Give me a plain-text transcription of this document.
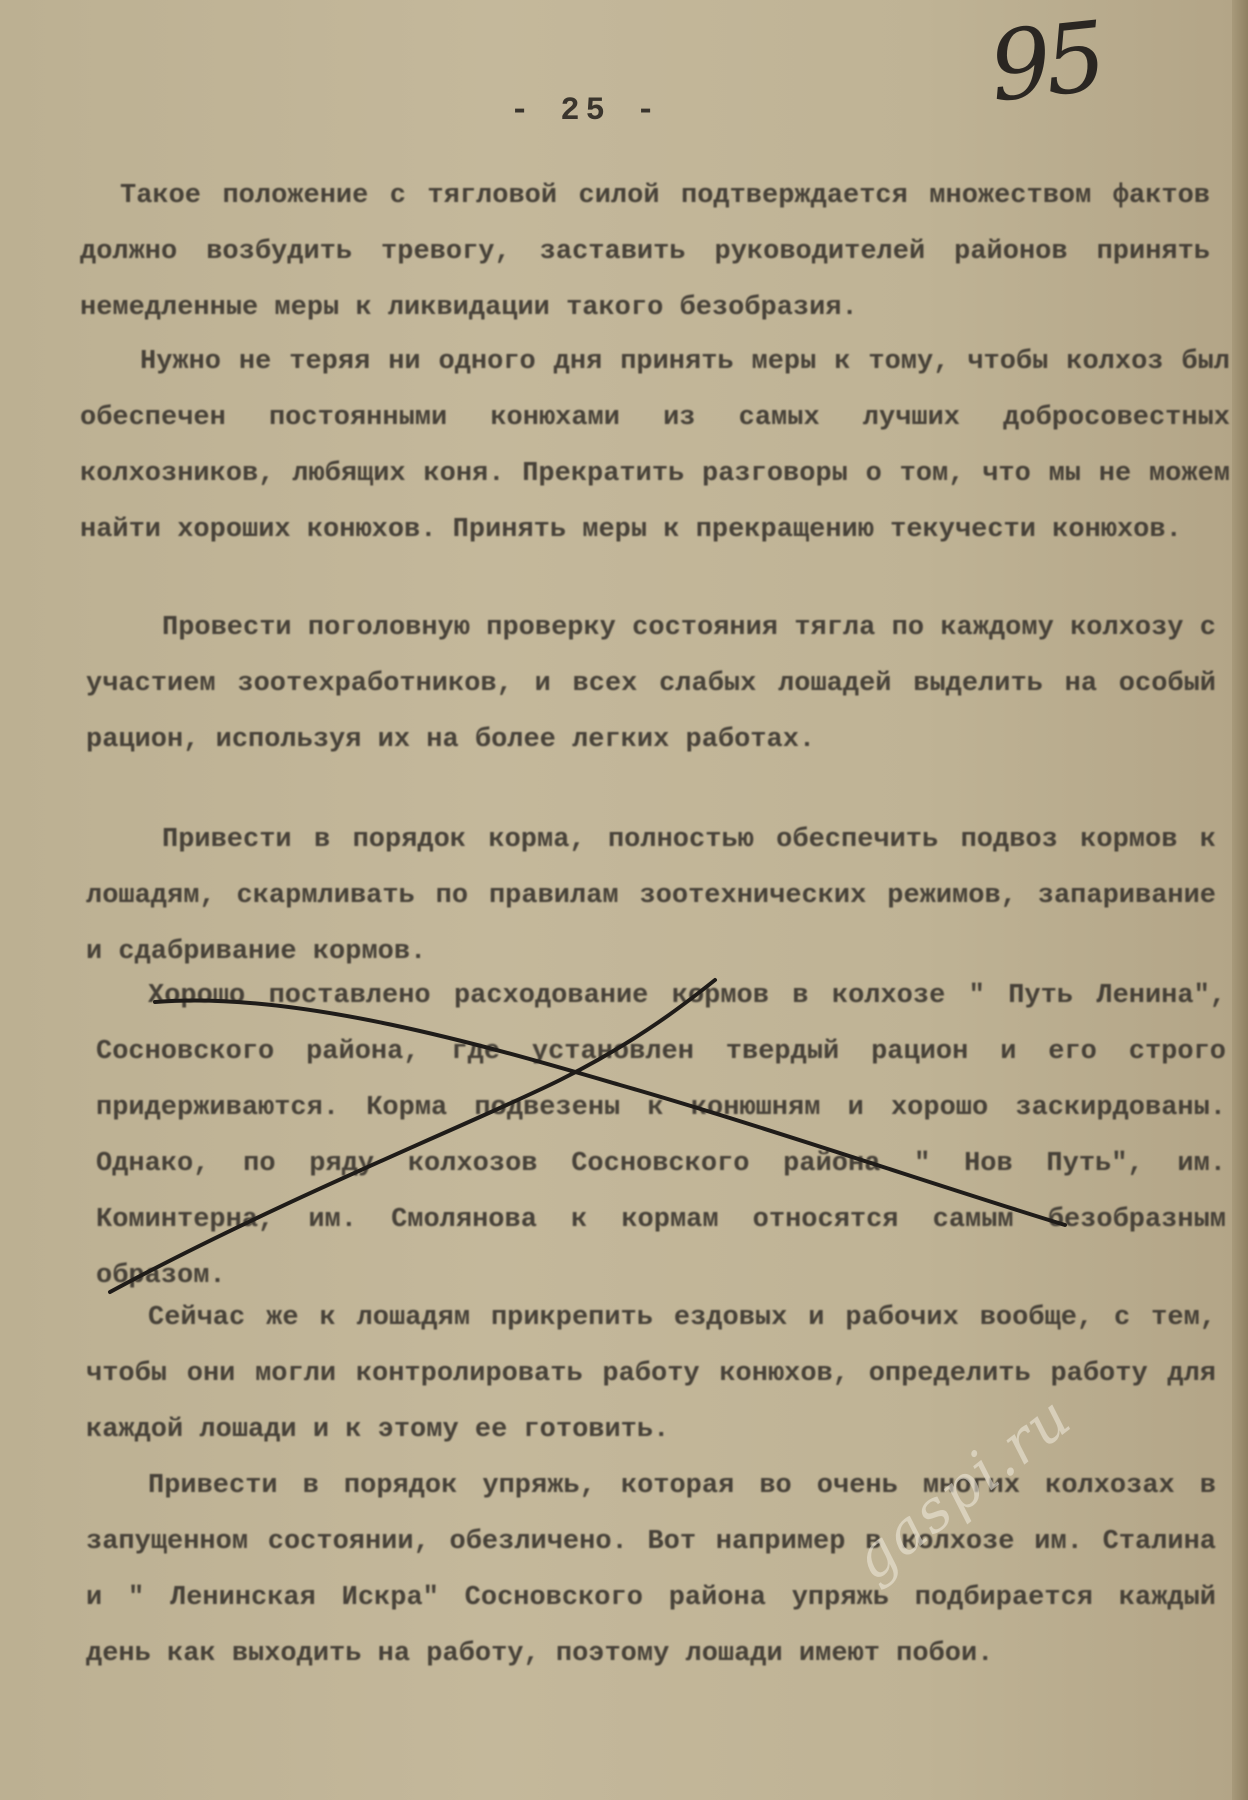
95
- 25 -

Такое положение с тягловой силой подтверждается множеством фактов должно возбудить тревогу, заставить руководителей районов принять немедленные меры к ликвидации такого безобразия.

Нужно не теряя ни одного дня принять меры к тому, чтобы колхоз был обеспечен постоянными конюхами из самых лучших добросовестных колхозников, любящих коня. Прекратить разговоры о том, что мы не можем найти хороших конюхов. Принять меры к прекращению текучести конюхов.

Провести поголовную проверку состояния тягла по каждому колхозу с участием зоотехработников, и всех слабых лошадей выделить на особый рацион, используя их на более легких работах.

Привести в порядок корма, полностью обеспечить подвоз кормов к лошадям, скармливать по правилам зоотехнических режимов, запаривание и сдабривание кормов.

Хорошо поставлено расходование кормов в колхозе " Путь Ленина", Сосновского района, где установлен твердый рацион и его строго придерживаются. Корма подвезены к конюшням и хорошо заскирдованы. Однако, по ряду колхозов Сосновского района " Нов Путь", им. Коминтерна, им. Смолянова к кормам относятся самым безобразным образом.

Сейчас же к лошадям прикрепить ездовых и рабочих вообще, с тем, чтобы они могли контролировать работу конюхов, определить работу для каждой лошади и к этому ее готовить.

Привести в порядок упряжь, которая во очень многих колхозах в запущенном состоянии, обезличено. Вот например в колхозе им. Сталина и " Ленинская Искра" Сосновского района упряжь подбирается каждый день как выходить на работу, поэтому лошади имеют побои.

gaspi.ru
